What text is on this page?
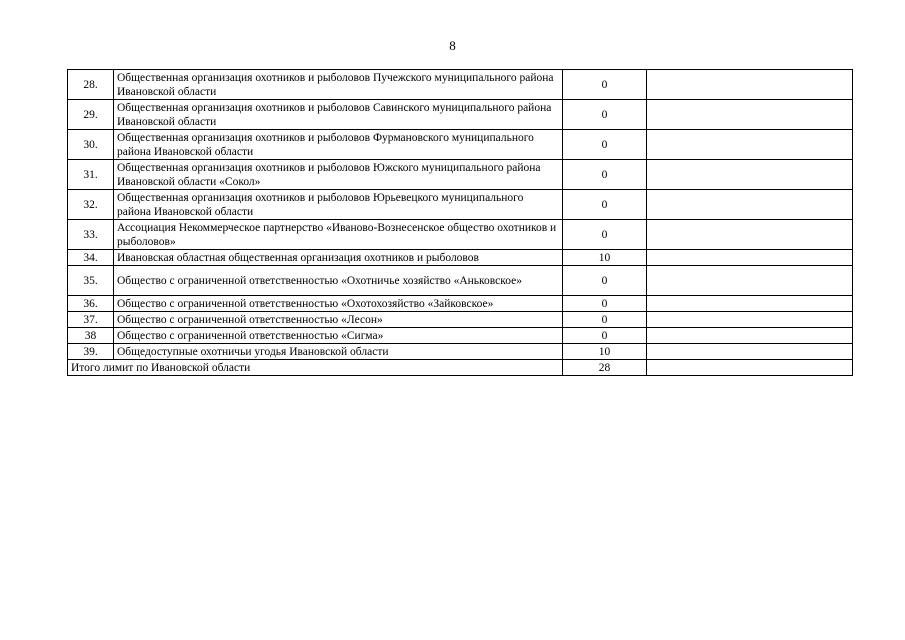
8
28.	Общественная организация охотников и рыболовов Пучежского муниципального района Ивановской области	0	
29.	Общественная организация охотников и рыболовов Савинского муниципального района Ивановской области	0	
30.	Общественная организация охотников и рыболовов Фурмановского муниципального района Ивановской области	0	
31.	Общественная организация охотников и рыболовов Южского муниципального района Ивановской области «Сокол»	0	
32.	Общественная организация охотников и рыболовов Юрьевецкого муниципального района Ивановской области	0	
33.	Ассоциация Некоммерческое партнерство «Иваново-Вознесенское общество охотников и рыболовов»	0	
34.	Ивановская областная общественная организация охотников и рыболовов	10	
35.	Общество с ограниченной ответственностью «Охотничье хозяйство «Аньковское»	0	
36.	Общество с ограниченной ответственностью «Охотохозяйство «Зайковское»	0	
37.	Общество с ограниченной ответственностью «Лесон»	0	
38	Общество с ограниченной ответственностью «Сигма»	0	
39.	Общедоступные охотничьи угодья Ивановской области	10	
Итого лимит по Ивановской области		28	
